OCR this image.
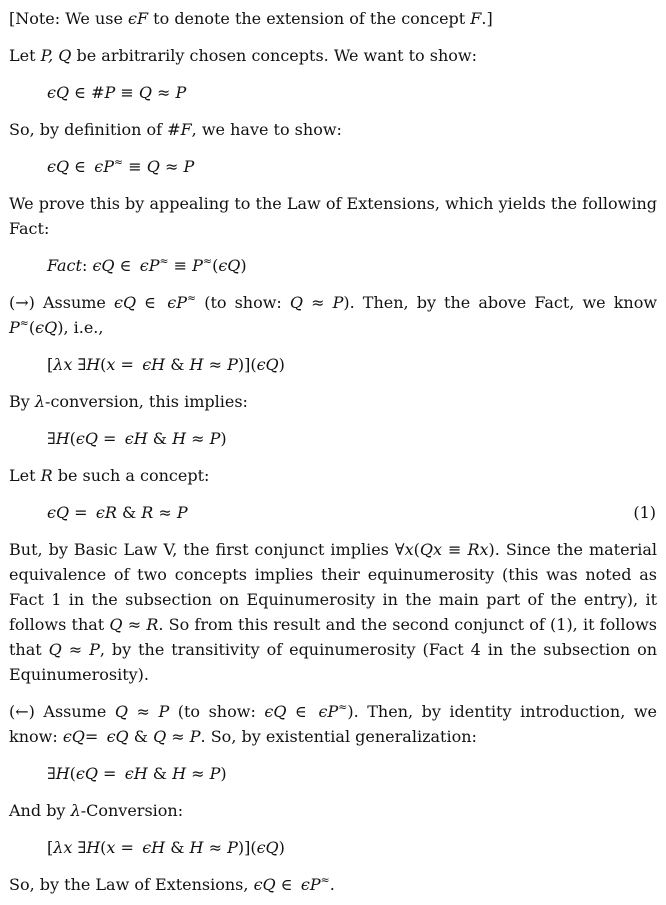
[Note: We use ϵF to denote the extension of the concept F.]
Let P, Q be arbitrarily chosen concepts. We want to show:
ϵQ ∈ #P ≡ Q ≈ P
So, by definition of #F, we have to show:
ϵQ ∈  ϵP≈ ≡ Q ≈ P
We prove this by appealing to the Law of Extensions, which yields the following Fact:
Fact: ϵQ ∈  ϵP≈ ≡ P≈(ϵQ)
(→) Assume ϵQ ∈  ϵP≈ (to show: Q ≈ P). Then, by the above Fact, we know P≈(ϵQ), i.e.,
[λx ∃H(x =  ϵH & H ≈ P)](ϵQ)
By λ-conversion, this implies:
∃H(ϵQ =  ϵH & H ≈ P)
Let R be such a concept:
ϵQ =  ϵR & R ≈ P	(1)
But, by Basic Law V, the first conjunct implies ∀x(Qx ≡ Rx). Since the material equivalence of two concepts implies their equinumerosity (this was noted as Fact 1 in the subsection on Equinumerosity in the main part of the entry), it follows that Q ≈ R. So from this result and the second conjunct of (1), it follows that Q ≈ P, by the transitivity of equinumerosity (Fact 4 in the subsection on Equinumerosity).
(←) Assume Q ≈ P (to show: ϵQ ∈  ϵP≈). Then, by identity introduction, we know: ϵQ=  ϵQ & Q ≈ P. So, by existential generalization:
∃H(ϵQ =  ϵH & H ≈ P)
And by λ-Conversion:
[λx ∃H(x =  ϵH & H ≈ P)](ϵQ)
So, by the Law of Extensions, ϵQ ∈  ϵP≈.
